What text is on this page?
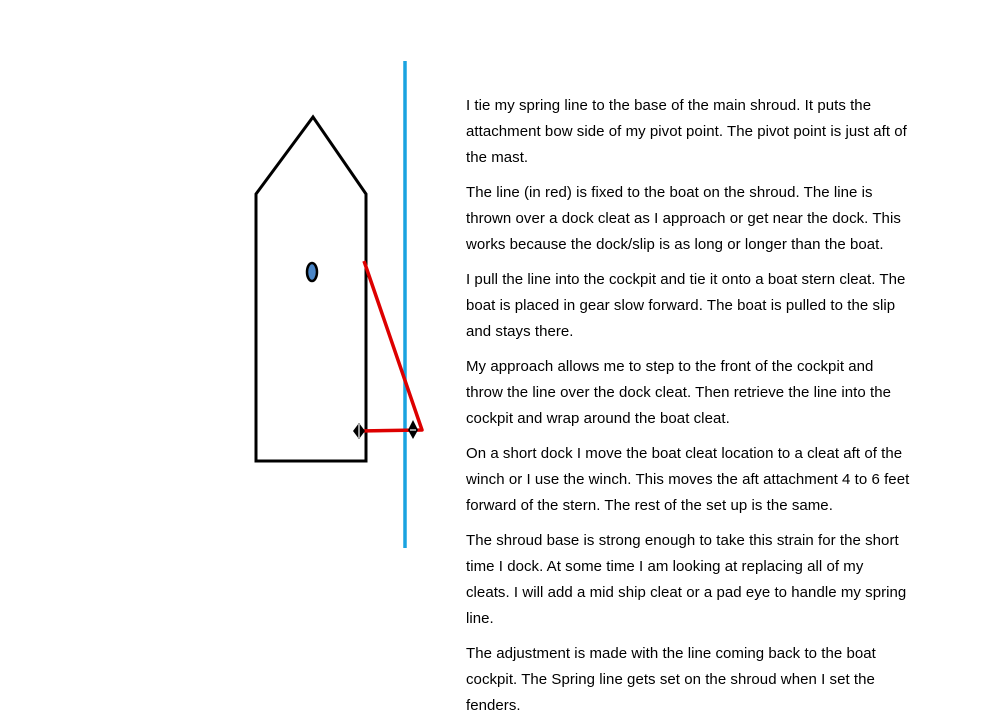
I tie my spring line to the base of the main shroud. It puts the attachment bow side of my pivot point. The pivot point is just aft of the mast.

The line (in red) is fixed to the boat on the shroud. The line is thrown over a dock cleat as I approach or get near the dock. This works because the dock/slip is as long or longer than the boat.

I pull the line into the cockpit and tie it onto a boat stern cleat. The boat is placed in gear slow forward. The boat is pulled to the slip and stays there.

My approach allows me to step to the front of the cockpit and throw the line over the dock cleat. Then retrieve the line into the cockpit and wrap around the boat cleat.

On a short dock I move the boat cleat location to a cleat aft of the winch or I use the winch. This moves the aft attachment 4 to 6 feet forward of the stern. The rest of the set up is the same.

The shroud base is strong enough to take this strain for the short time I dock. At some time I am looking at replacing all of my cleats. I will add a mid ship cleat or a pad eye to handle my spring line.

The adjustment is made with the line coming back to the boat cockpit. The Spring line gets set on the shroud when I set the fenders.
